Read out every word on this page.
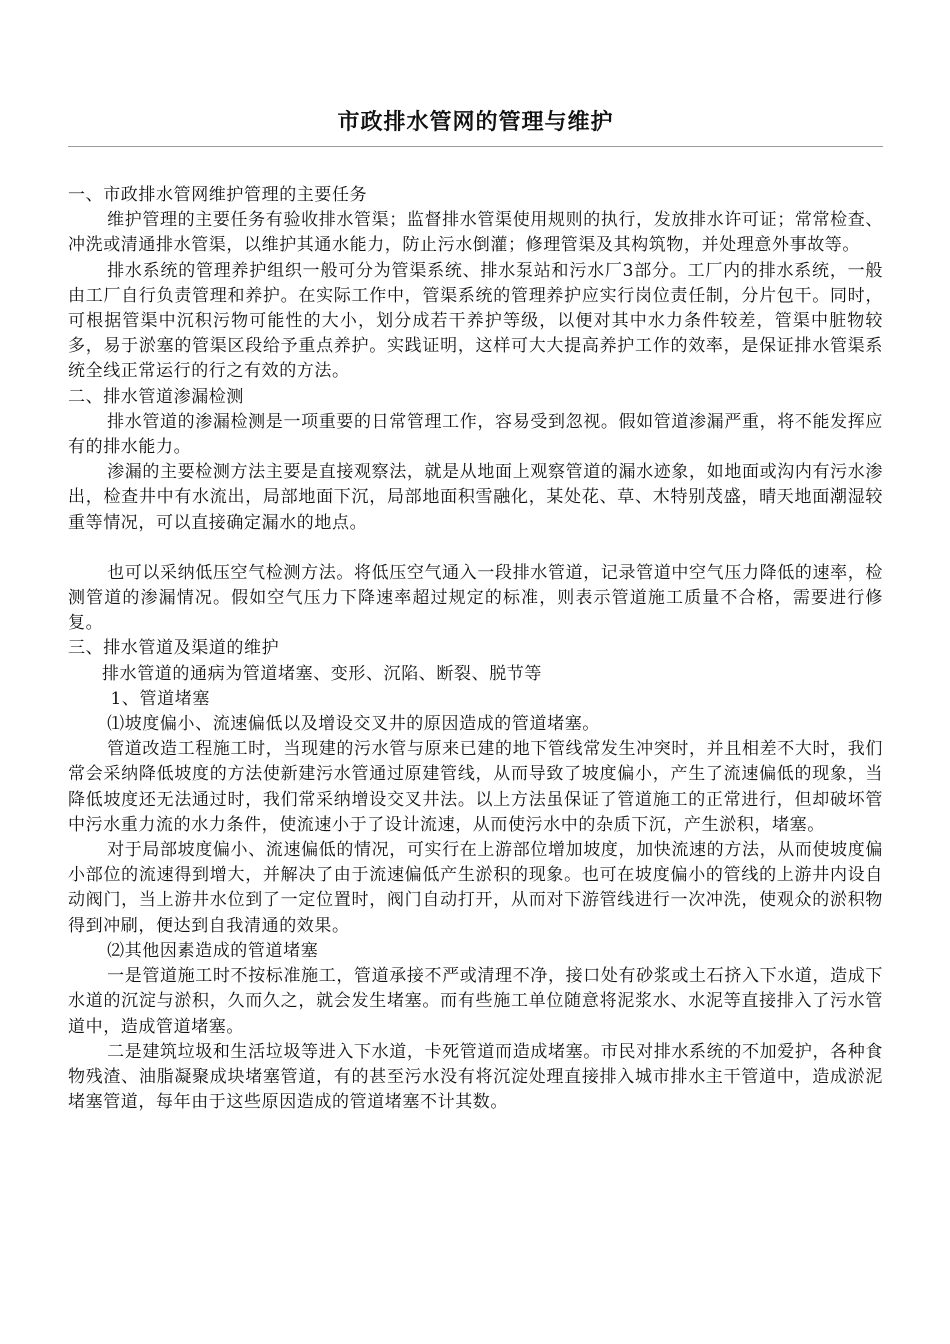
市政排水管网的管理与维护

一、市政排水管网维护管理的主要任务

维护管理的主要任务有验收排水管渠；监督排水管渠使用规则的执行，发放排水许可证；常常检查、冲洗或清通排水管渠，以维护其通水能力，防止污水倒灌；修理管渠及其构筑物，并处理意外事故等。

排水系统的管理养护组织一般可分为管渠系统、排水泵站和污水厂3部分。工厂内的排水系统，一般由工厂自行负责管理和养护。在实际工作中，管渠系统的管理养护应实行岗位责任制，分片包干。同时，可根据管渠中沉积污物可能性的大小，划分成若干养护等级，以便对其中水力条件较差，管渠中脏物较多，易于淤塞的管渠区段给予重点养护。实践证明，这样可大大提高养护工作的效率，是保证排水管渠系统全线正常运行的行之有效的方法。

二、排水管道渗漏检测

排水管道的渗漏检测是一项重要的日常管理工作，容易受到忽视。假如管道渗漏严重，将不能发挥应有的排水能力。

渗漏的主要检测方法主要是直接观察法，就是从地面上观察管道的漏水迹象，如地面或沟内有污水渗出，检查井中有水流出，局部地面下沉，局部地面积雪融化，某处花、草、木特别茂盛，晴天地面潮湿较重等情况，可以直接确定漏水的地点。

也可以采纳低压空气检测方法。将低压空气通入一段排水管道，记录管道中空气压力降低的速率，检测管道的渗漏情况。假如空气压力下降速率超过规定的标准，则表示管道施工质量不合格，需要进行修复。

三、排水管道及渠道的维护

排水管道的通病为管道堵塞、变形、沉陷、断裂、脱节等

1、管道堵塞

⑴坡度偏小、流速偏低以及增设交叉井的原因造成的管道堵塞。

管道改造工程施工时，当现建的污水管与原来已建的地下管线常发生冲突时，并且相差不大时，我们常会采纳降低坡度的方法使新建污水管通过原建管线，从而导致了坡度偏小，产生了流速偏低的现象，当降低坡度还无法通过时，我们常采纳增设交叉井法。以上方法虽保证了管道施工的正常进行，但却破坏管中污水重力流的水力条件，使流速小于了设计流速，从而使污水中的杂质下沉，产生淤积，堵塞。

对于局部坡度偏小、流速偏低的情况，可实行在上游部位增加坡度，加快流速的方法，从而使坡度偏小部位的流速得到增大，并解决了由于流速偏低产生淤积的现象。也可在坡度偏小的管线的上游井内设自动阀门，当上游井水位到了一定位置时，阀门自动打开，从而对下游管线进行一次冲洗，使观众的淤积物得到冲刷，便达到自我清通的效果。

⑵其他因素造成的管道堵塞

一是管道施工时不按标准施工，管道承接不严或清理不净，接口处有砂浆或土石挤入下水道，造成下水道的沉淀与淤积，久而久之，就会发生堵塞。而有些施工单位随意将泥浆水、水泥等直接排入了污水管道中，造成管道堵塞。

二是建筑垃圾和生活垃圾等进入下水道，卡死管道而造成堵塞。市民对排水系统的不加爱护，各种食物残渣、油脂凝聚成块堵塞管道，有的甚至污水没有将沉淀处理直接排入城市排水主干管道中，造成淤泥堵塞管道，每年由于这些原因造成的管道堵塞不计其数。
